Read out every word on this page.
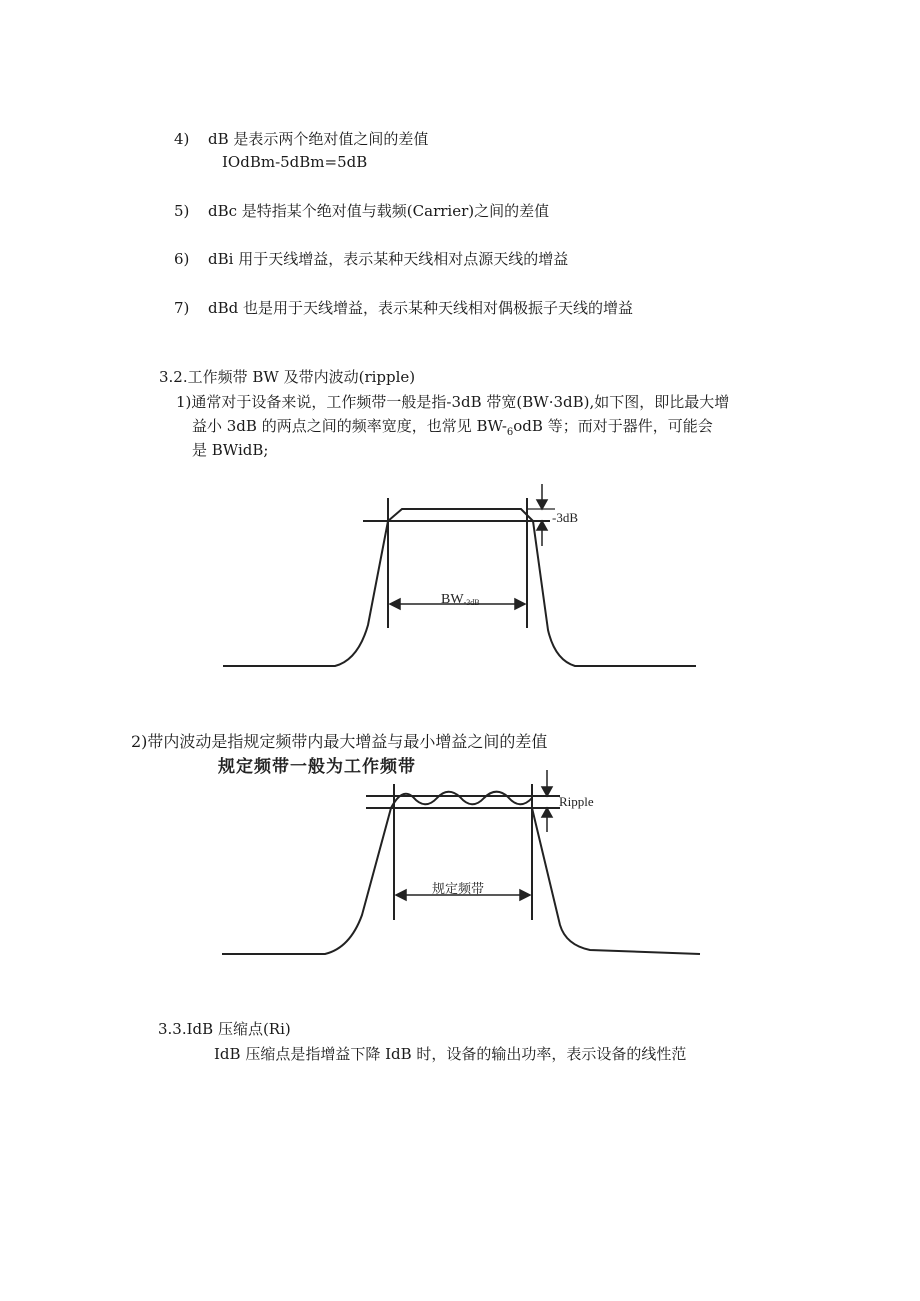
4) dB 是表示两个绝对值之间的差值
IOdBm-5dBm=5dB
5) dBc 是特指某个绝对值与载频(Carrier)之间的差值
6) dBi 用于天线增益，表示某种天线相对点源天线的增益
7) dBd 也是用于天线增益，表示某种天线相对偶极振子天线的增益
3.2.工作频带 BW 及带内波动(ripple)
1)通常对于设备来说，工作频带一般是指-3dB 带宽(BW·3dB),如下图，即比最大增
益小 3dB 的两点之间的频率宽度，也常见 $BW-_6odB$ 等；而对于器件，可能会
是 BWidB;
-3dB
BW-3dB
2)带内波动是指规定频带内最大增益与最小增益之间的差值
规定频带一般为工作频带
Ripple
规定频带
3.3.IdB 压缩点(Ri)
IdB 压缩点是指增益下降 IdB 时，设备的输出功率，表示设备的线性范
